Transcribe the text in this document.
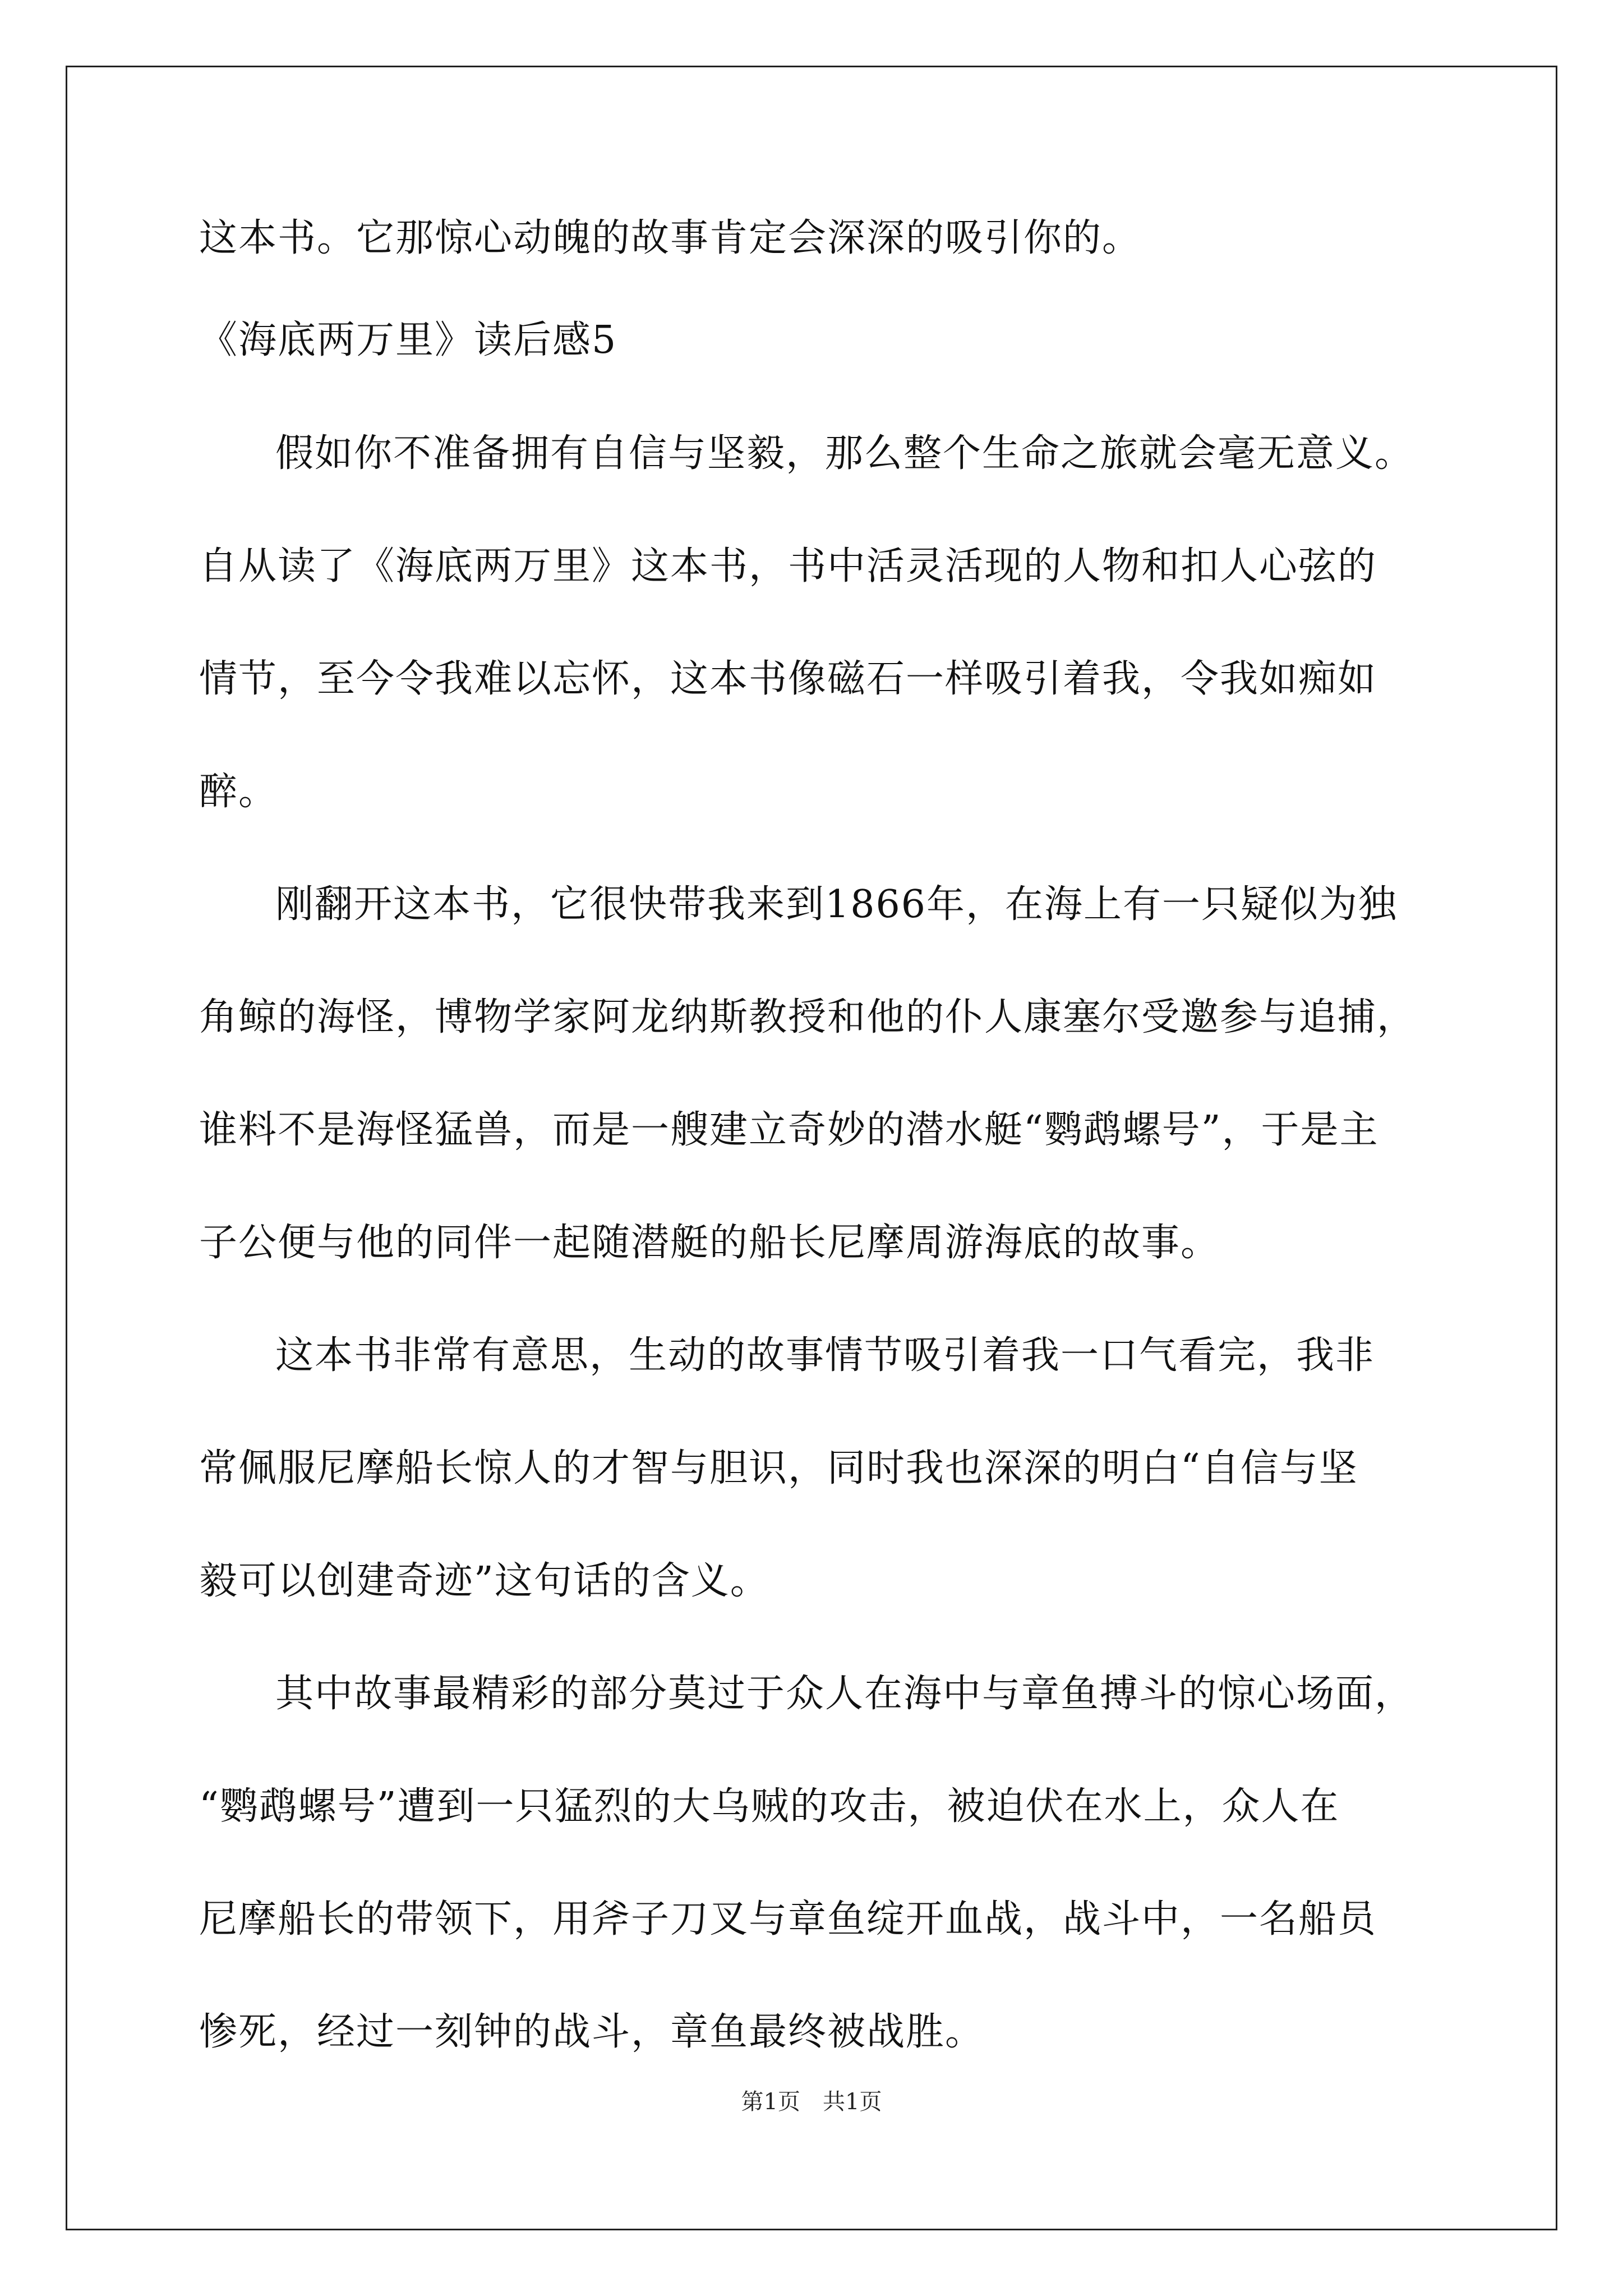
这本书。它那惊心动魄的故事肯定会深深的吸引你的。
《海底两万里》读后感5
假如你不准备拥有自信与坚毅，那么整个生命之旅就会毫无意义。
自从读了《海底两万里》这本书，书中活灵活现的人物和扣人心弦的
情节，至今令我难以忘怀，这本书像磁石一样吸引着我，令我如痴如
醉。
刚翻开这本书，它很快带我来到1866年，在海上有一只疑似为独
角鲸的海怪，博物学家阿龙纳斯教授和他的仆人康塞尔受邀参与追捕，
谁料不是海怪猛兽，而是一艘建立奇妙的潜水艇“鹦鹉螺号”，于是主
子公便与他的同伴一起随潜艇的船长尼摩周游海底的故事。
这本书非常有意思，生动的故事情节吸引着我一口气看完，我非
常佩服尼摩船长惊人的才智与胆识，同时我也深深的明白“自信与坚
毅可以创建奇迹”这句话的含义。
其中故事最精彩的部分莫过于众人在海中与章鱼搏斗的惊心场面，
“鹦鹉螺号”遭到一只猛烈的大乌贼的攻击，被迫伏在水上，众人在
尼摩船长的带领下，用斧子刀叉与章鱼绽开血战，战斗中，一名船员
惨死，经过一刻钟的战斗，章鱼最终被战胜。
第1页 共1页
